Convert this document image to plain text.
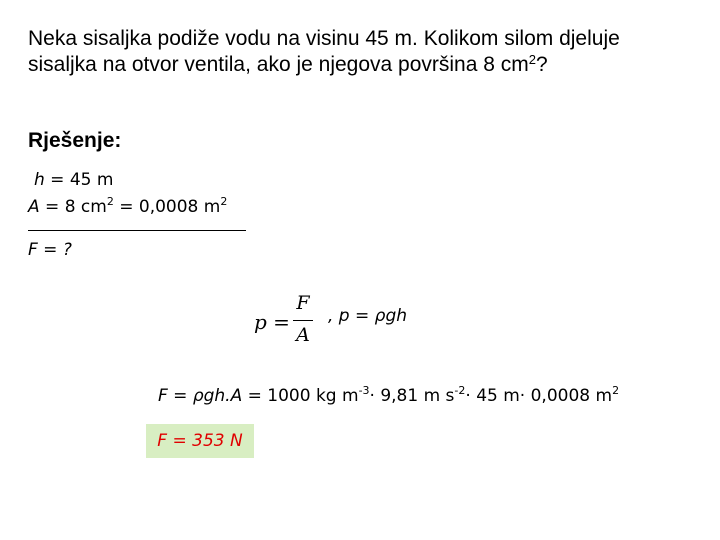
Neka sisaljka podiže vodu na visinu 45 m. Kolikom silom djeluje sisaljka na otvor ventila, ako je njegova površina 8 $cm^2$?
Rješenje:
h = 45 m
A = 8 $cm^2 = 0,0008$ $m^2$
F = ?
p =
F
A
, p = ρgh
F = ρgh.A = 1000 kg $m^{-3}\cdot 9,81$ m $s^{-2}\cdot 45$ m· 0,0008 $m^2$
F = 353 N
